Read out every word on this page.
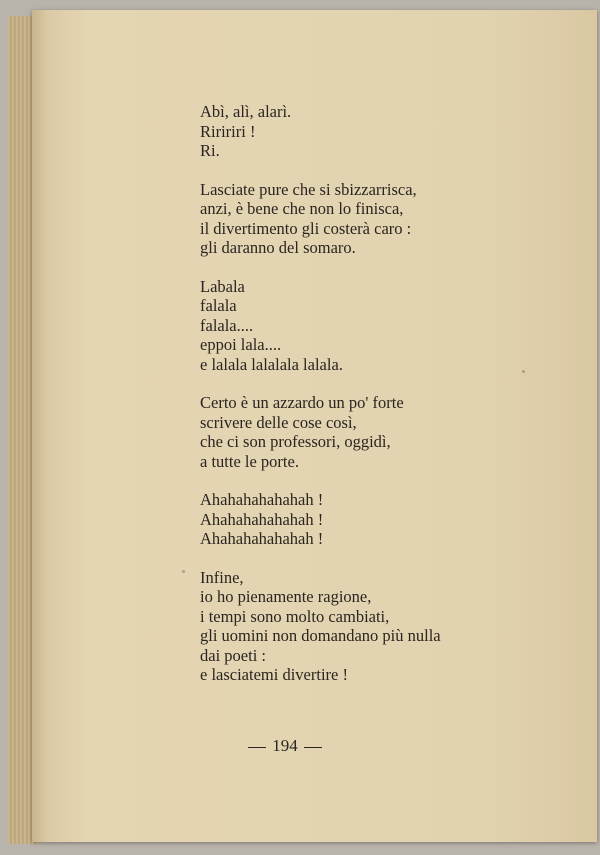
Abì, alì, alarì.
Riririri !
Ri.
Lasciate pure che si sbizzarrisca,
anzi, è bene che non lo finisca,
il divertimento gli costerà caro :
gli daranno del somaro.
Labala
falala
falala....
eppoi lala....
e lalala lalalala lalala.
Certo è un azzardo un po' forte
scrivere delle cose così,
che ci son professori, oggidì,
a tutte le porte.
Ahahahahahahah !
Ahahahahahahah !
Ahahahahahahah !
Infine,
io ho pienamente ragione,
i tempi sono molto cambiati,
gli uomini non domandano più nulla
dai poeti :
e lasciatemi divertire !
194
